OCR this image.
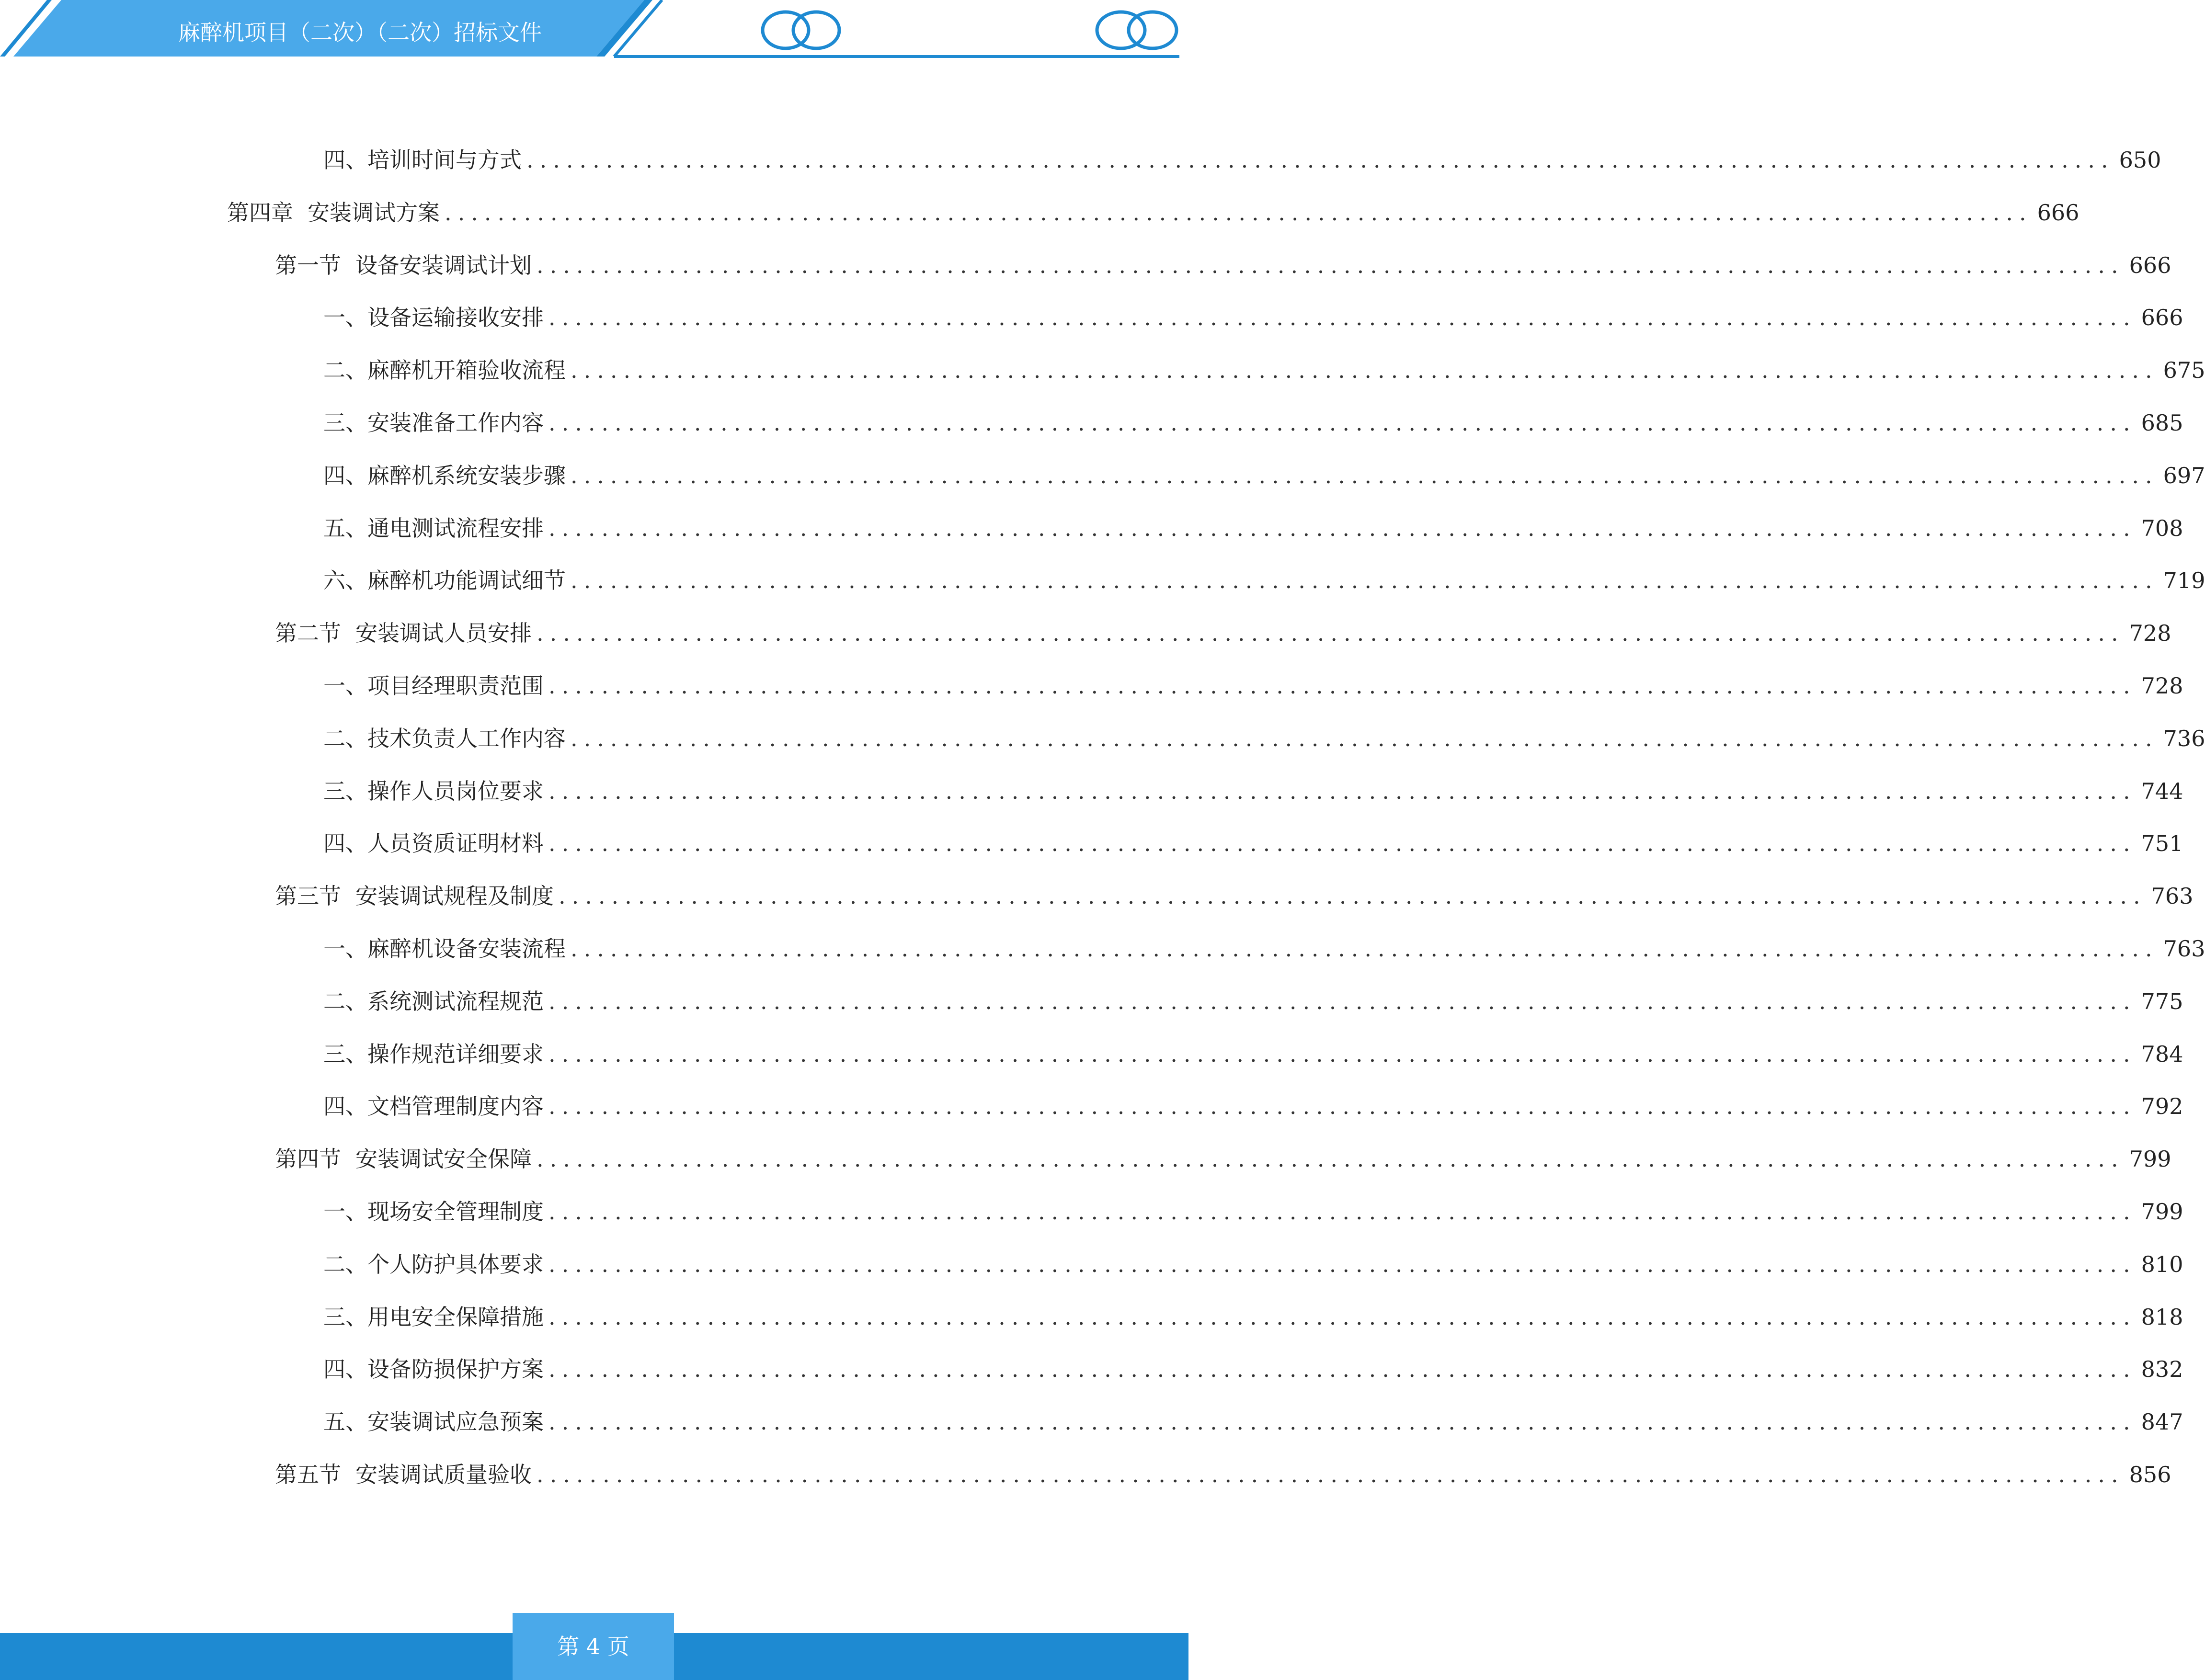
麻醉机项目（二次）（二次）招标文件
四、 培训时间与方式 ........................................................................................................................ 650
第四章 安装调试方案 ........................................................................................................................ 666
第一节 设备安装调试计划 ........................................................................................................................ 666
一、 设备运输接收安排 ........................................................................................................................ 666
二、 麻醉机开箱验收流程 ........................................................................................................................ 675
三、 安装准备工作内容 ........................................................................................................................ 685
四、 麻醉机系统安装步骤 ........................................................................................................................ 697
五、 通电测试流程安排 ........................................................................................................................ 708
六、 麻醉机功能调试细节 ........................................................................................................................ 719
第二节 安装调试人员安排 ........................................................................................................................ 728
一、 项目经理职责范围 ........................................................................................................................ 728
二、 技术负责人工作内容 ........................................................................................................................ 736
三、 操作人员岗位要求 ........................................................................................................................ 744
四、 人员资质证明材料 ........................................................................................................................ 751
第三节 安装调试规程及制度 ........................................................................................................................ 763
一、 麻醉机设备安装流程 ........................................................................................................................ 763
二、 系统测试流程规范 ........................................................................................................................ 775
三、 操作规范详细要求 ........................................................................................................................ 784
四、 文档管理制度内容 ........................................................................................................................ 792
第四节 安装调试安全保障 ........................................................................................................................ 799
一、 现场安全管理制度 ........................................................................................................................ 799
二、 个人防护具体要求 ........................................................................................................................ 810
三、 用电安全保障措施 ........................................................................................................................ 818
四、 设备防损保护方案 ........................................................................................................................ 832
五、 安装调试应急预案 ........................................................................................................................ 847
第五节 安装调试质量验收 ........................................................................................................................ 856
第 4 页
